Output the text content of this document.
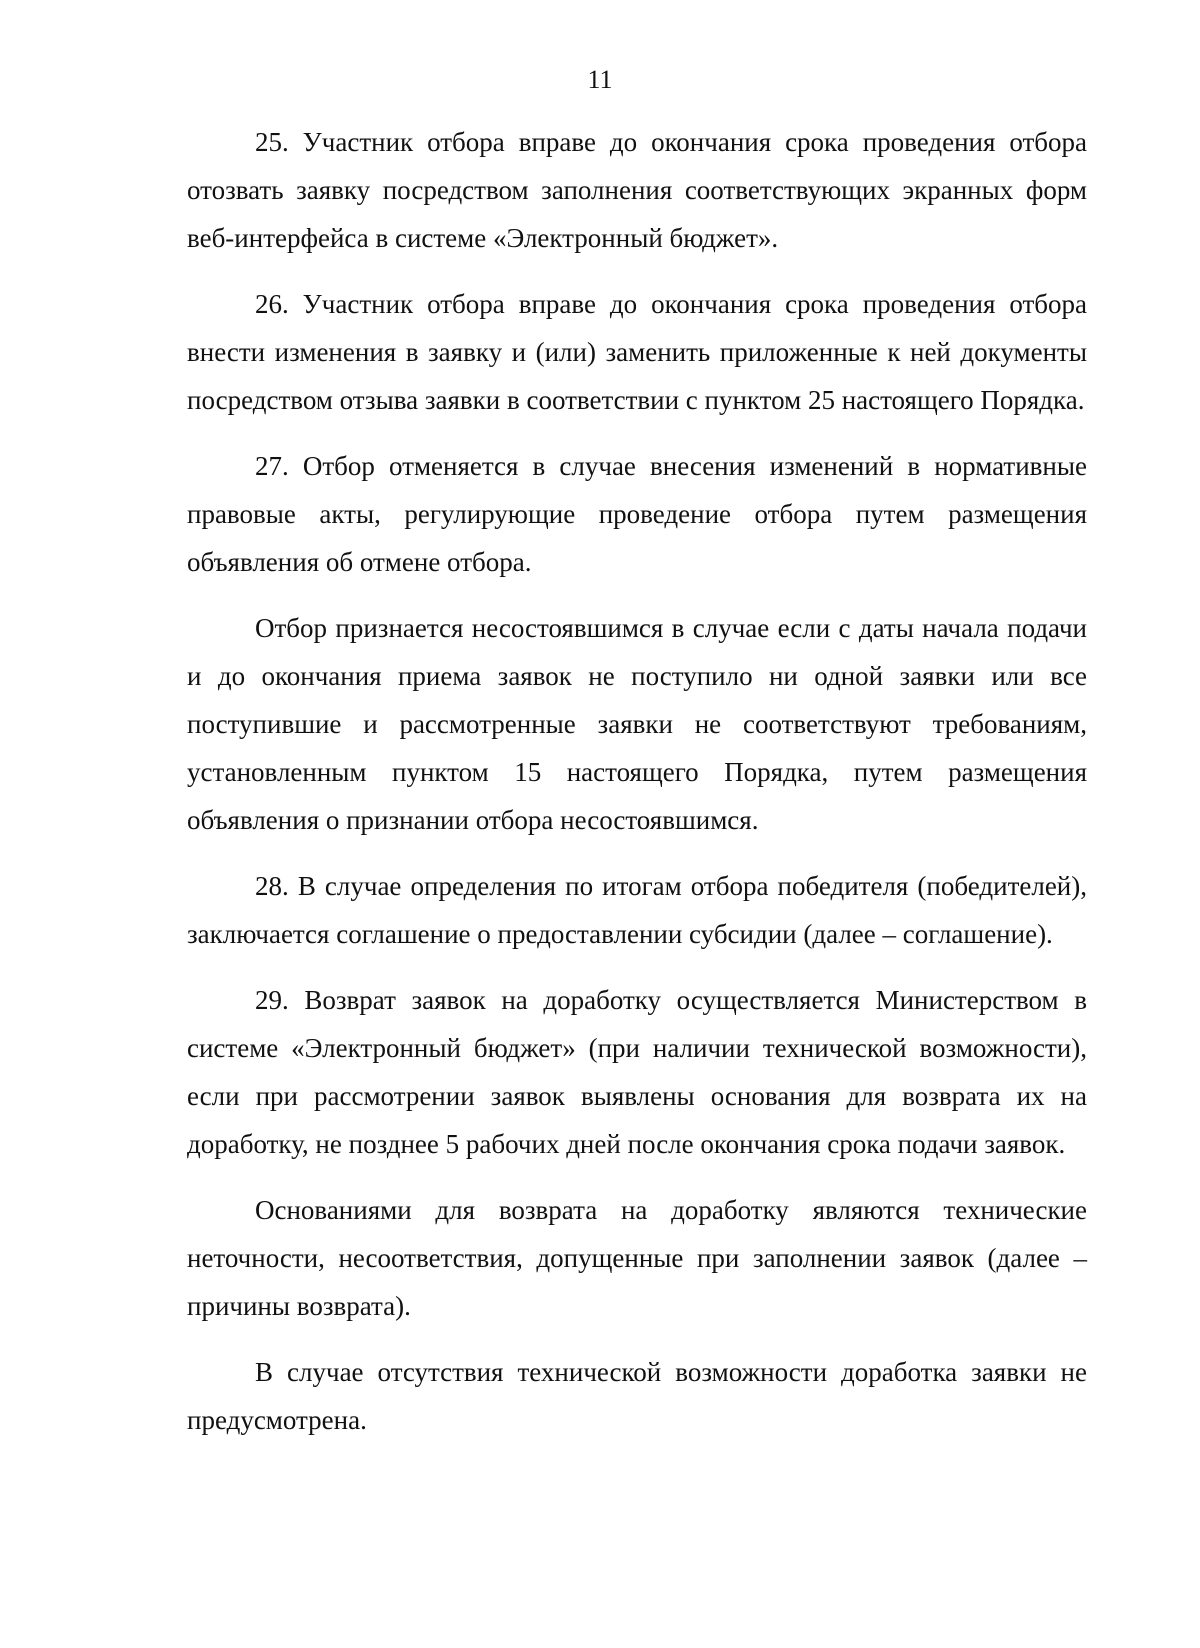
11

25. Участник отбора вправе до окончания срока проведения отбора отозвать заявку посредством заполнения соответствующих экранных форм веб-интерфейса в системе «Электронный бюджет».

26. Участник отбора вправе до окончания срока проведения отбора внести изменения в заявку и (или) заменить приложенные к ней документы посредством отзыва заявки в соответствии с пунктом 25 настоящего Порядка.

27. Отбор отменяется в случае внесения изменений в нормативные правовые акты, регулирующие проведение отбора путем размещения объявления об отмене отбора.

Отбор признается несостоявшимся в случае если с даты начала подачи и до окончания приема заявок не поступило ни одной заявки или все поступившие и рассмотренные заявки не соответствуют требованиям, установленным пунктом 15 настоящего Порядка, путем размещения объявления о признании отбора несостоявшимся.

28. В случае определения по итогам отбора победителя (победителей), заключается соглашение о предоставлении субсидии (далее – соглашение).

29. Возврат заявок на доработку осуществляется Министерством в системе «Электронный бюджет» (при наличии технической возможности), если при рассмотрении заявок выявлены основания для возврата их на доработку, не позднее 5 рабочих дней после окончания срока подачи заявок.

Основаниями для возврата на доработку являются технические неточности, несоответствия, допущенные при заполнении заявок (далее – причины возврата).

В случае отсутствия технической возможности доработка заявки не предусмотрена.
